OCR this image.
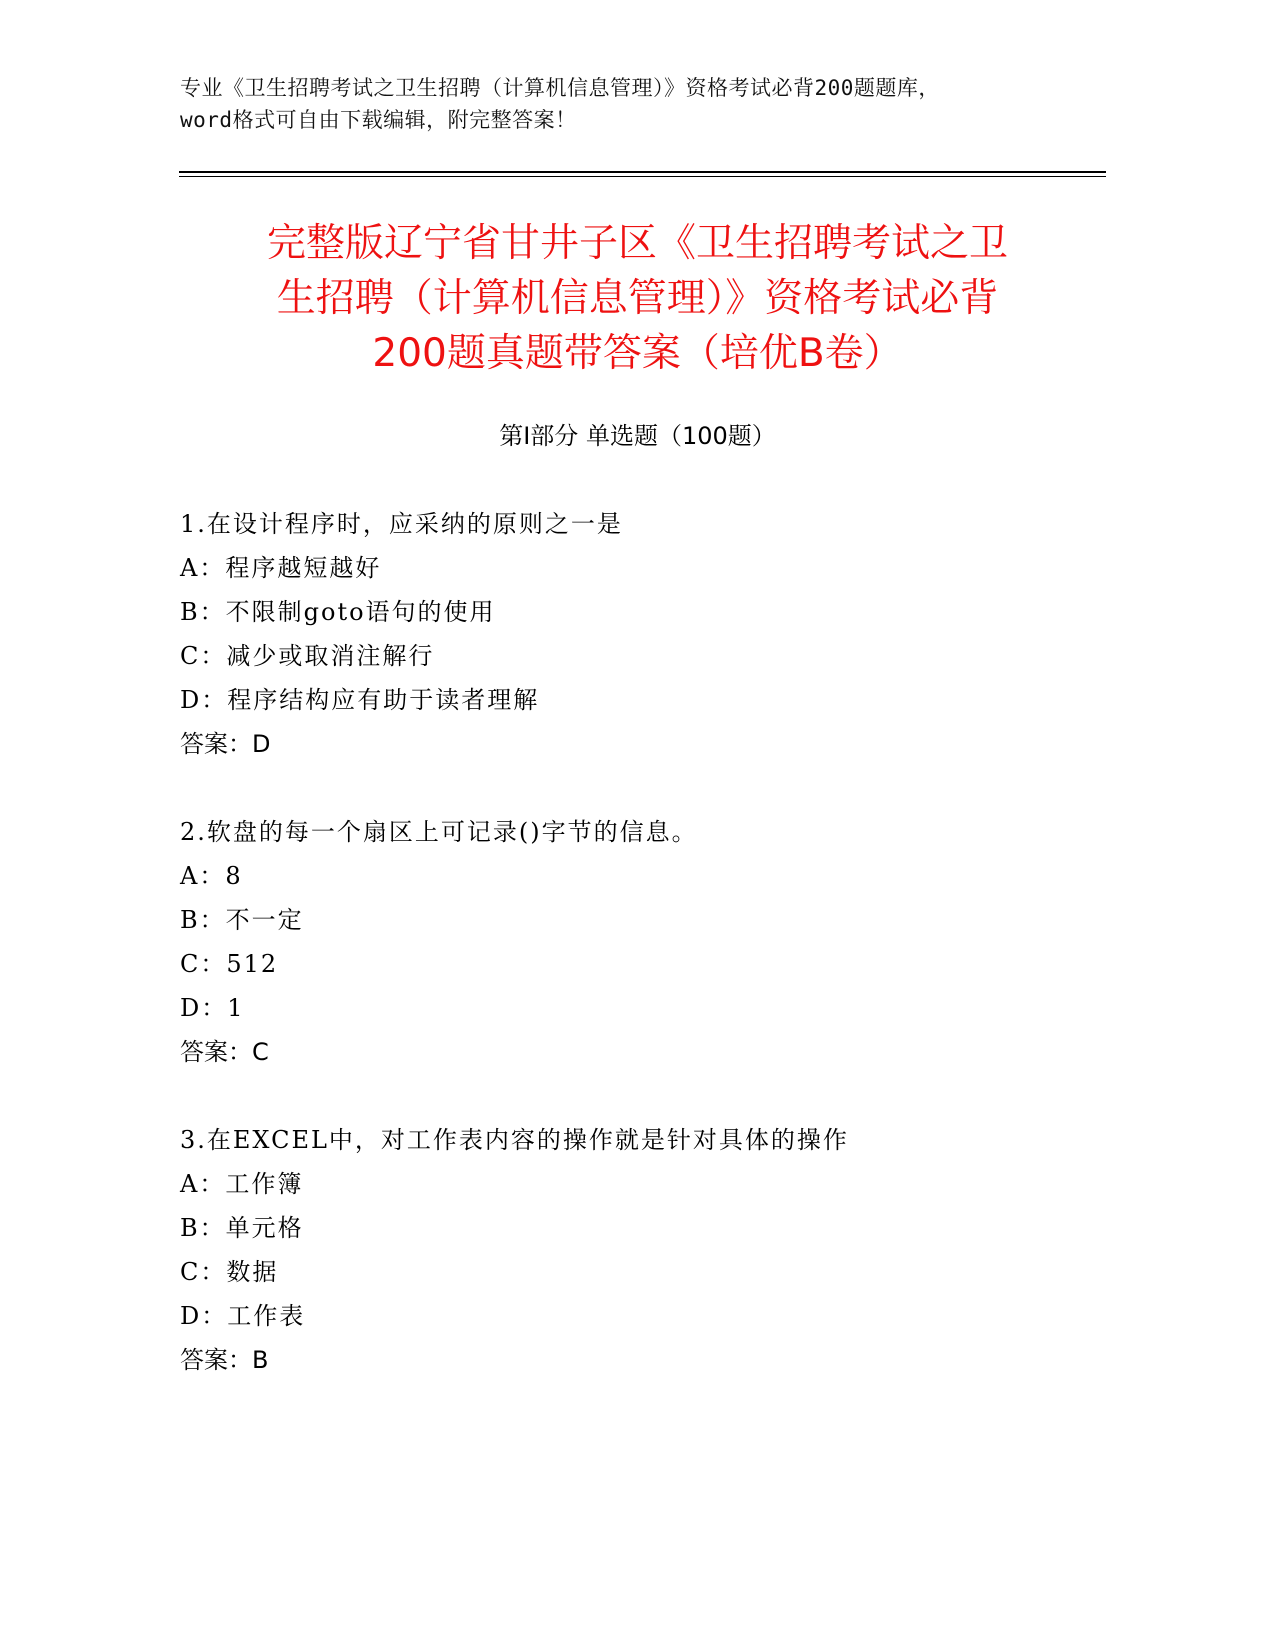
专业《卫生招聘考试之卫生招聘（计算机信息管理）》资格考试必背200题题库，
word格式可自由下载编辑，附完整答案！
完整版辽宁省甘井子区《卫生招聘考试之卫
生招聘（计算机信息管理）》资格考试必背
200题真题带答案（培优B卷）
第Ⅰ部分 单选题（100题）
1.在设计程序时，应采纳的原则之一是
A：程序越短越好
B：不限制goto语句的使用
C：减少或取消注解行
D：程序结构应有助于读者理解
答案：D
2.软盘的每一个扇区上可记录()字节的信息。
A：8
B：不一定
C：512
D：1
答案：C
3.在EXCEL中，对工作表内容的操作就是针对具体的操作
A：工作簿
B：单元格
C：数据
D：工作表
答案：B
